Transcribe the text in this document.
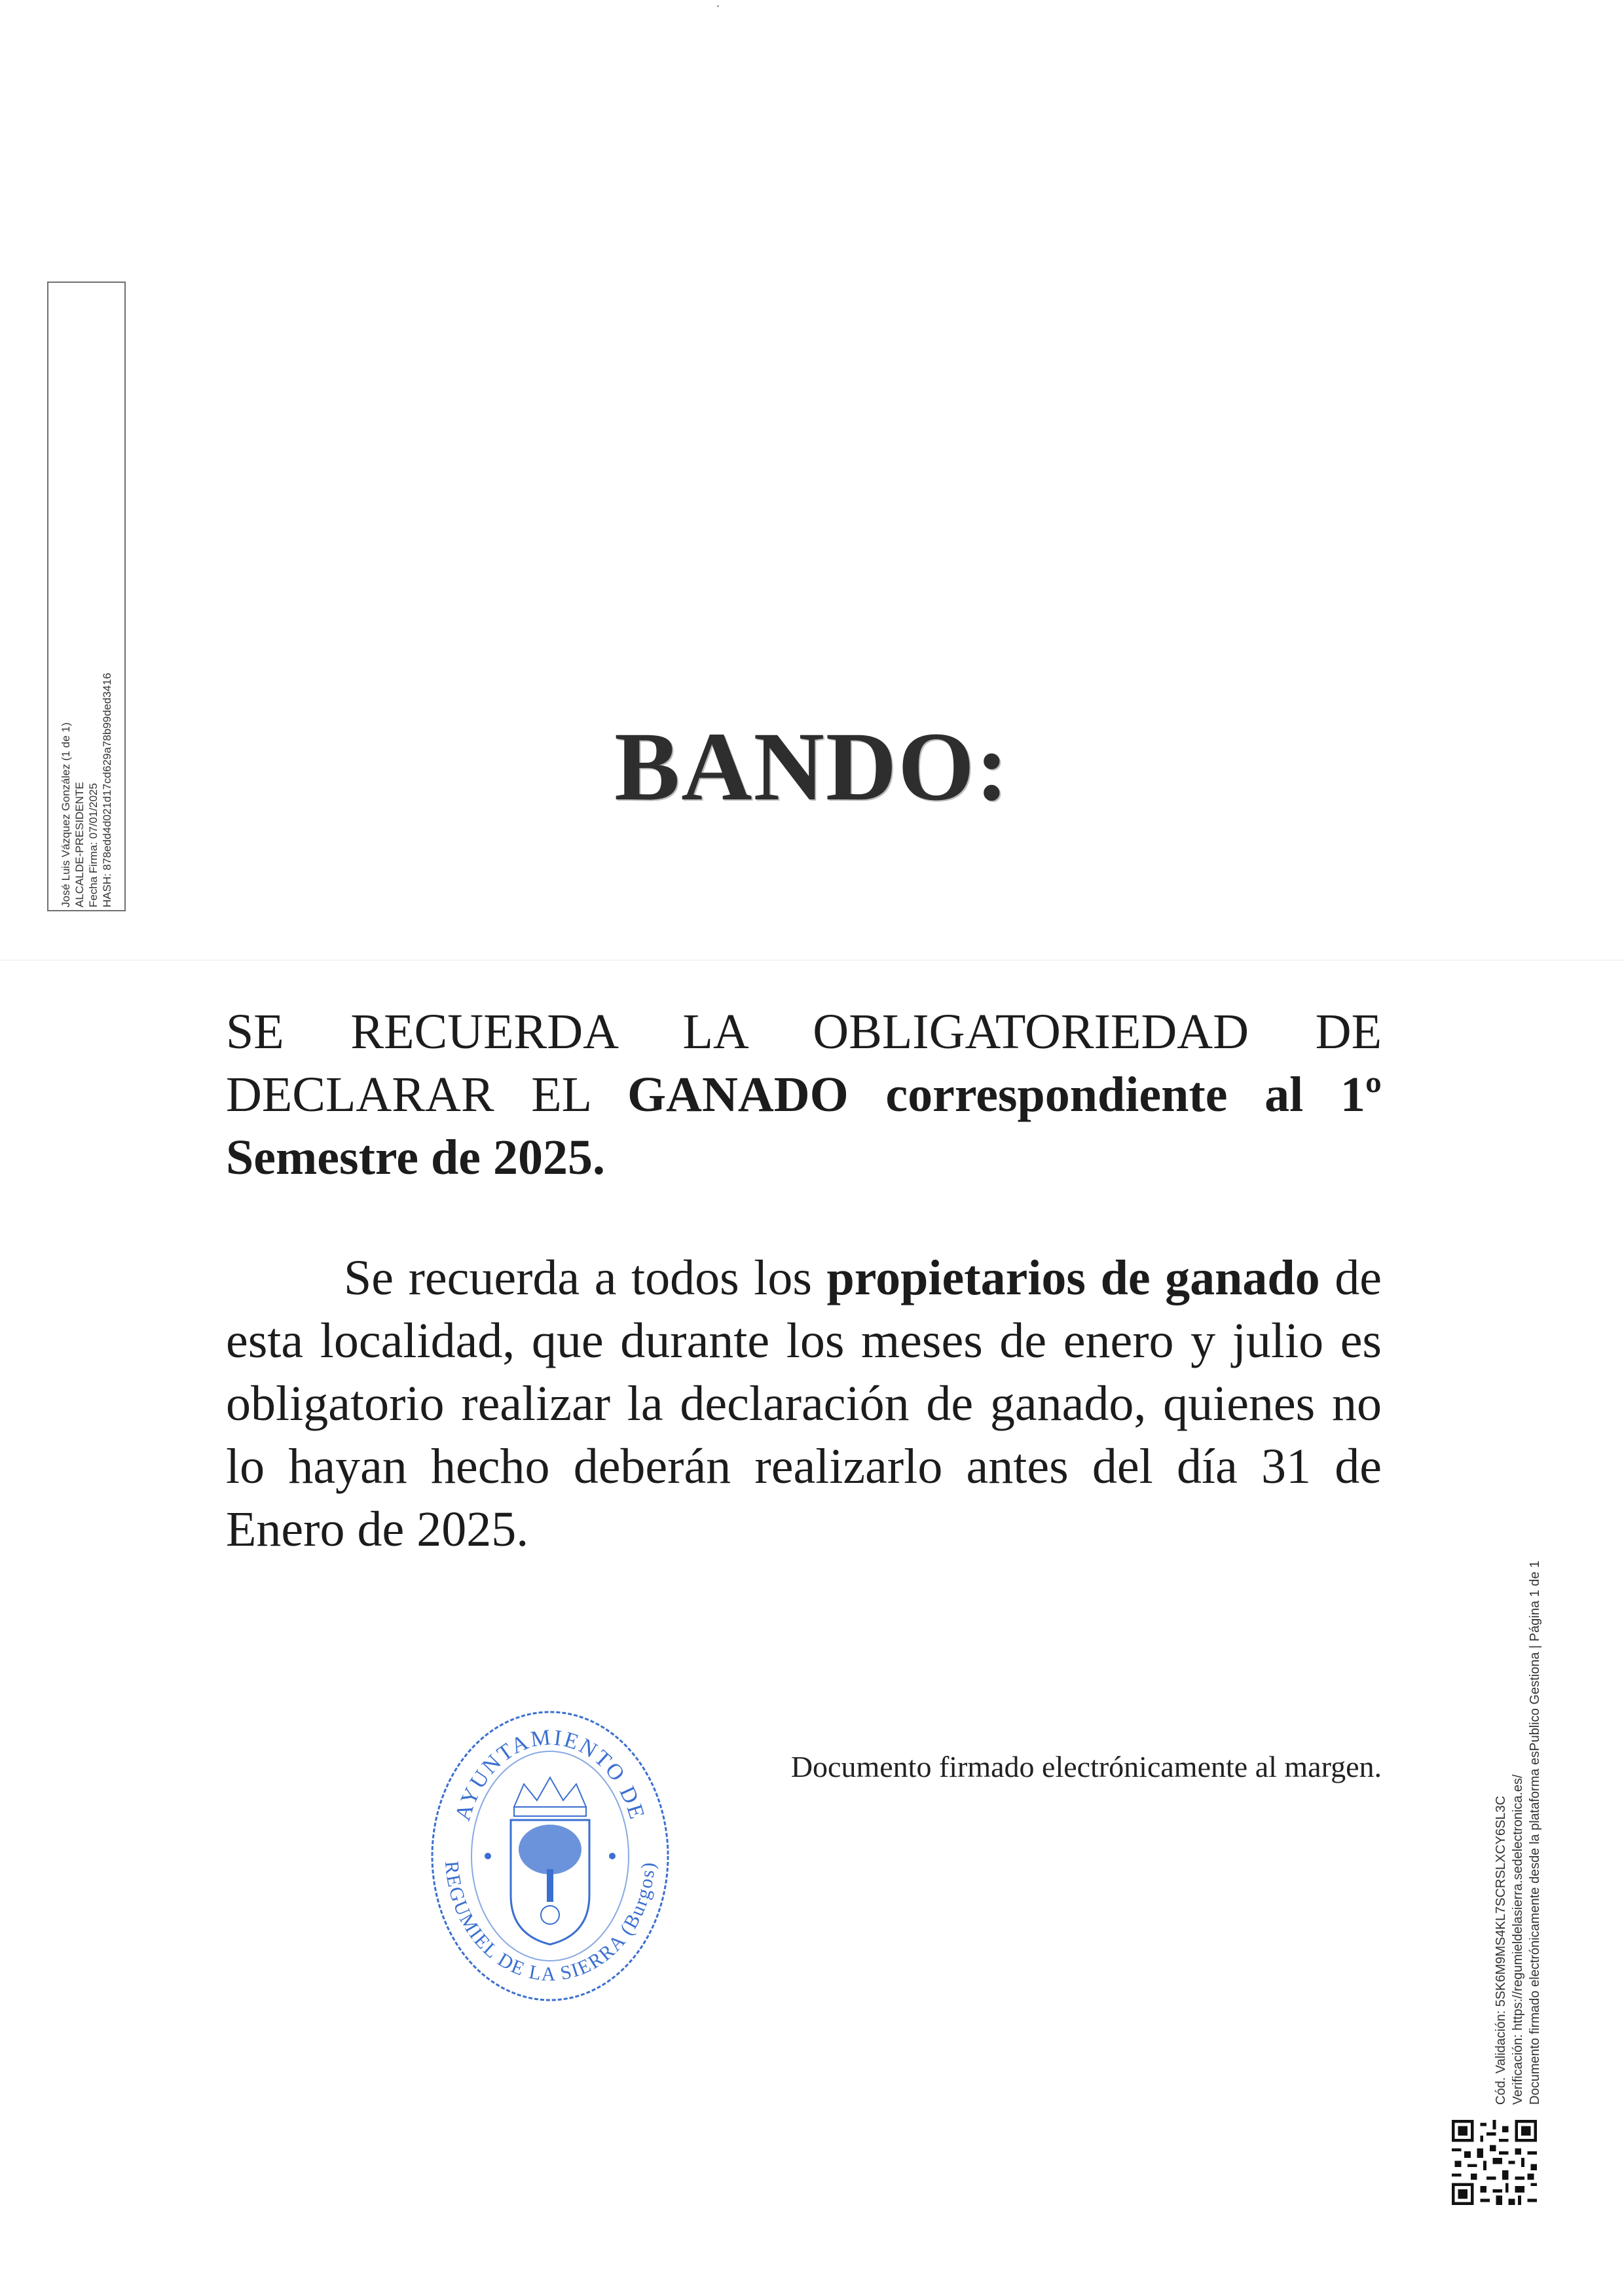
José Luis Vázquez González (1 de 1) ALCALDE-PRESIDENTE Fecha Firma: 07/01/2025 HASH: 878edd4d021d17cd629a78b99ded3416	BANDO:

SE RECUERDA LA OBLIGATORIEDAD DE DECLARAR EL GANADO correspondiente al 1º Semestre de 2025.

Se recuerda a todos los propietarios de ganado de esta localidad, que durante los meses de enero y julio es obligatorio realizar la declaración de ganado, quienes no lo hayan hecho deberán realizarlo antes del día 31 de Enero de 2025.

AYUNTAMIENTO DE
REGUMIEL DE LA SIERRA (Burgos)
Documento firmado electrónicamente al margen.
Cód. Validación: 5SK6M9MS4KL7SCRSLXCY6SL3C Verificación: https://regumieldelasierra.sedelectronica.es/ Documento firmado electrónicamente desde la plataforma esPublico Gestiona | Página 1 de 1
